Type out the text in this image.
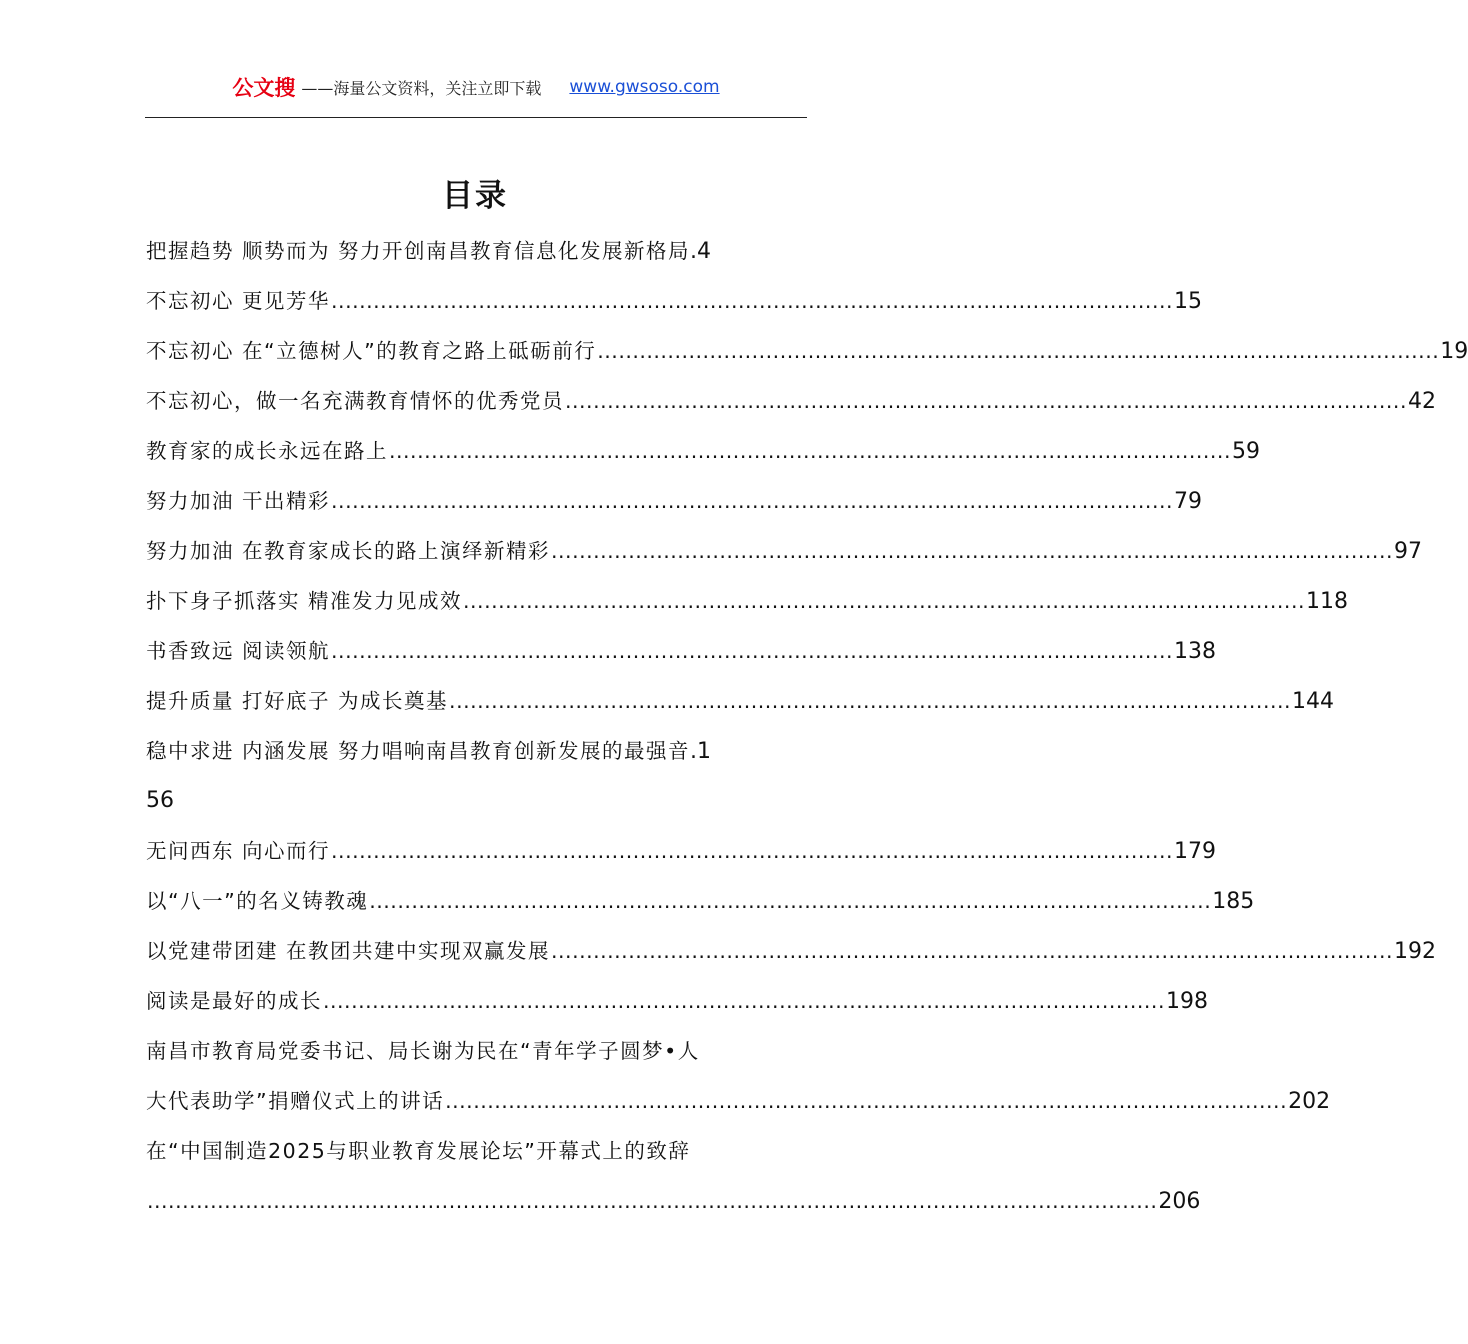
公文搜 ——海量公文资料，关注立即下载 www.gwsoso.com
目录
把握趋势 顺势而为 努力开创南昌教育信息化发展新格局 .4
不忘初心 更见芳华 ........................................................................................................................ 15
不忘初心 在“立德树人”的教育之路上砥砺前行 ........................................................................................................................ 19
不忘初心，做一名充满教育情怀的优秀党员 ........................................................................................................................ 42
教育家的成长永远在路上 ........................................................................................................................ 59
努力加油 干出精彩 ........................................................................................................................ 79
努力加油 在教育家成长的路上演绎新精彩 ........................................................................................................................ 97
扑下身子抓落实 精准发力见成效 ........................................................................................................................ 118
书香致远 阅读领航 ........................................................................................................................ 138
提升质量 打好底子 为成长奠基 ........................................................................................................................ 144
稳中求进 内涵发展 努力唱响南昌教育创新发展的最强音 .1
56
无问西东 向心而行 ........................................................................................................................ 179
以“八一”的名义铸教魂 ........................................................................................................................ 185
以党建带团建 在教团共建中实现双赢发展 ........................................................................................................................ 192
阅读是最好的成长 ........................................................................................................................ 198
南昌市教育局党委书记、局长谢为民在“青年学子圆梦•人
大代表助学”捐赠仪式上的讲话 ........................................................................................................................ 202
在“中国制造2025与职业教育发展论坛”开幕式上的致辞
................................................................................................................................................ 206
